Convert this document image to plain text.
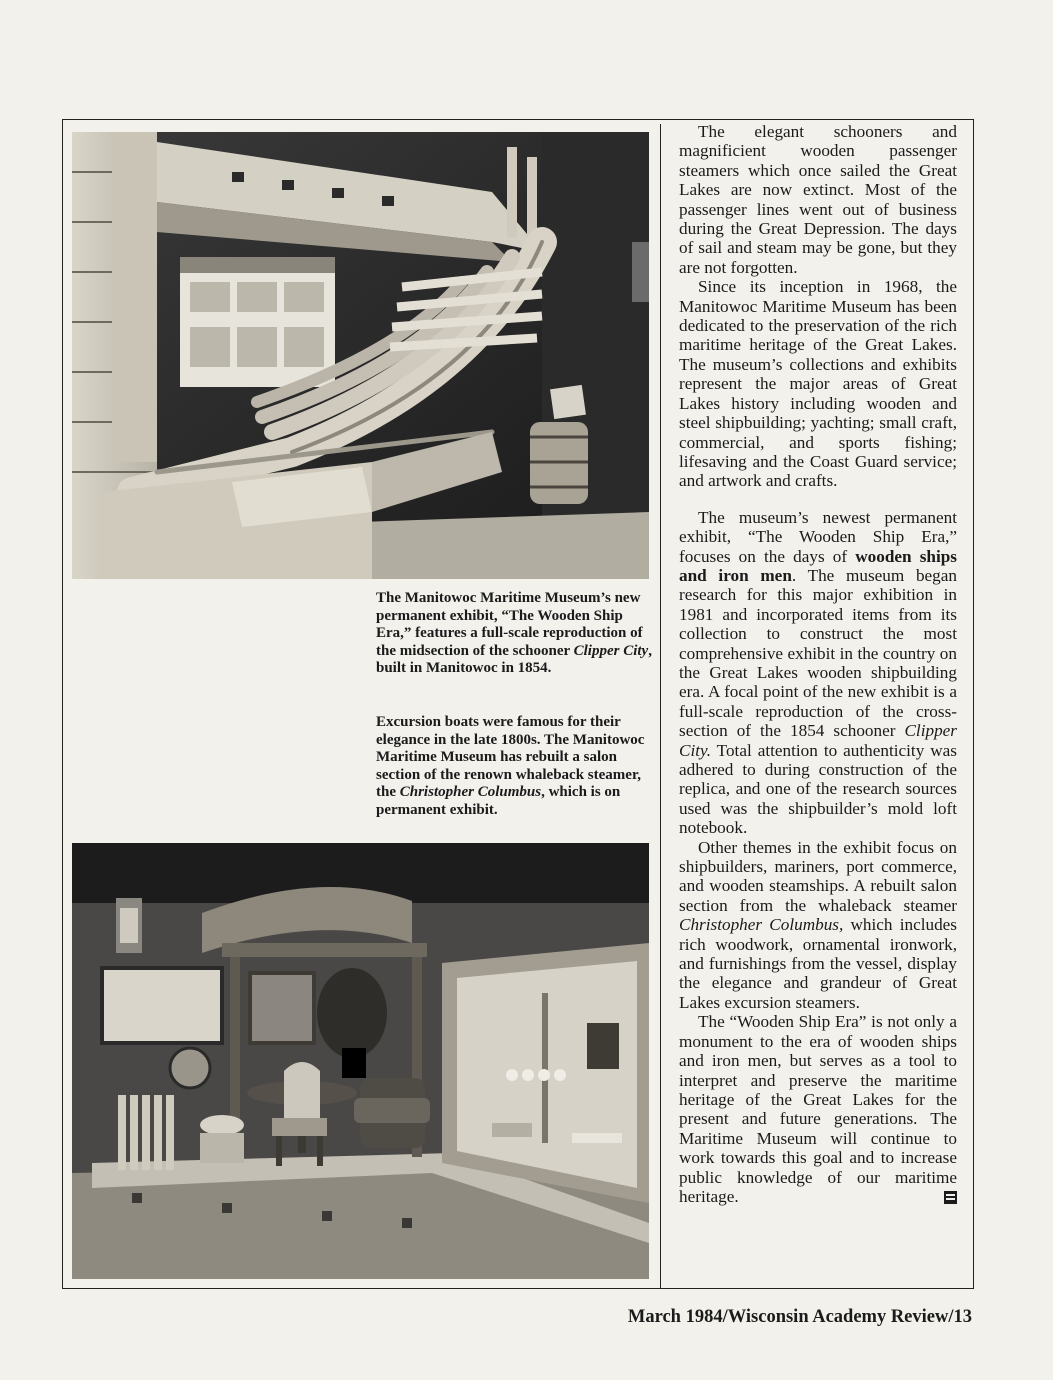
The Manitowoc Maritime Museum’s new permanent exhibit, “The Wooden Ship Era,” features a full-scale reproduction of the midsection of the schooner Clipper City, built in Manitowoc in 1854.

Excursion boats were famous for their elegance in the late 1800s. The Manitowoc Maritime Museum has rebuilt a salon section of the renown whaleback steamer, the Christopher Columbus, which is on permanent exhibit.

The elegant schooners and magnificient wooden passenger steamers which once sailed the Great Lakes are now extinct. Most of the passenger lines went out of business during the Great Depression. The days of sail and steam may be gone, but they are not forgotten.

Since its inception in 1968, the Manitowoc Maritime Museum has been dedicated to the preservation of the rich maritime heritage of the Great Lakes. The museum’s collections and exhibits represent the major areas of Great Lakes history including wooden and steel shipbuilding; yachting; small craft, commercial, and sports fishing; lifesaving and the Coast Guard service; and artwork and crafts.

The museum’s newest permanent exhibit, “The Wooden Ship Era,” focuses on the days of wooden ships and iron men. The museum began research for this major exhibition in 1981 and incorporated items from its collection to construct the most comprehensive exhibit in the country on the Great Lakes wooden shipbuilding era. A focal point of the new exhibit is a full-scale reproduction of the cross-section of the 1854 schooner Clipper City. Total attention to authenticity was adhered to during construction of the replica, and one of the research sources used was the shipbuilder’s mold loft notebook.

Other themes in the exhibit focus on shipbuilders, mariners, port commerce, and wooden steamships. A rebuilt salon section from the whaleback steamer Christopher Columbus, which includes rich woodwork, ornamental ironwork, and furnishings from the vessel, display the elegance and grandeur of Great Lakes excursion steamers.

The “Wooden Ship Era” is not only a monument to the era of wooden ships and iron men, but serves as a tool to interpret and preserve the maritime heritage of the Great Lakes for the present and future generations. The Maritime Museum will continue to work towards this goal and to increase public knowledge of our maritime heritage.

March 1984/Wisconsin Academy Review/13
